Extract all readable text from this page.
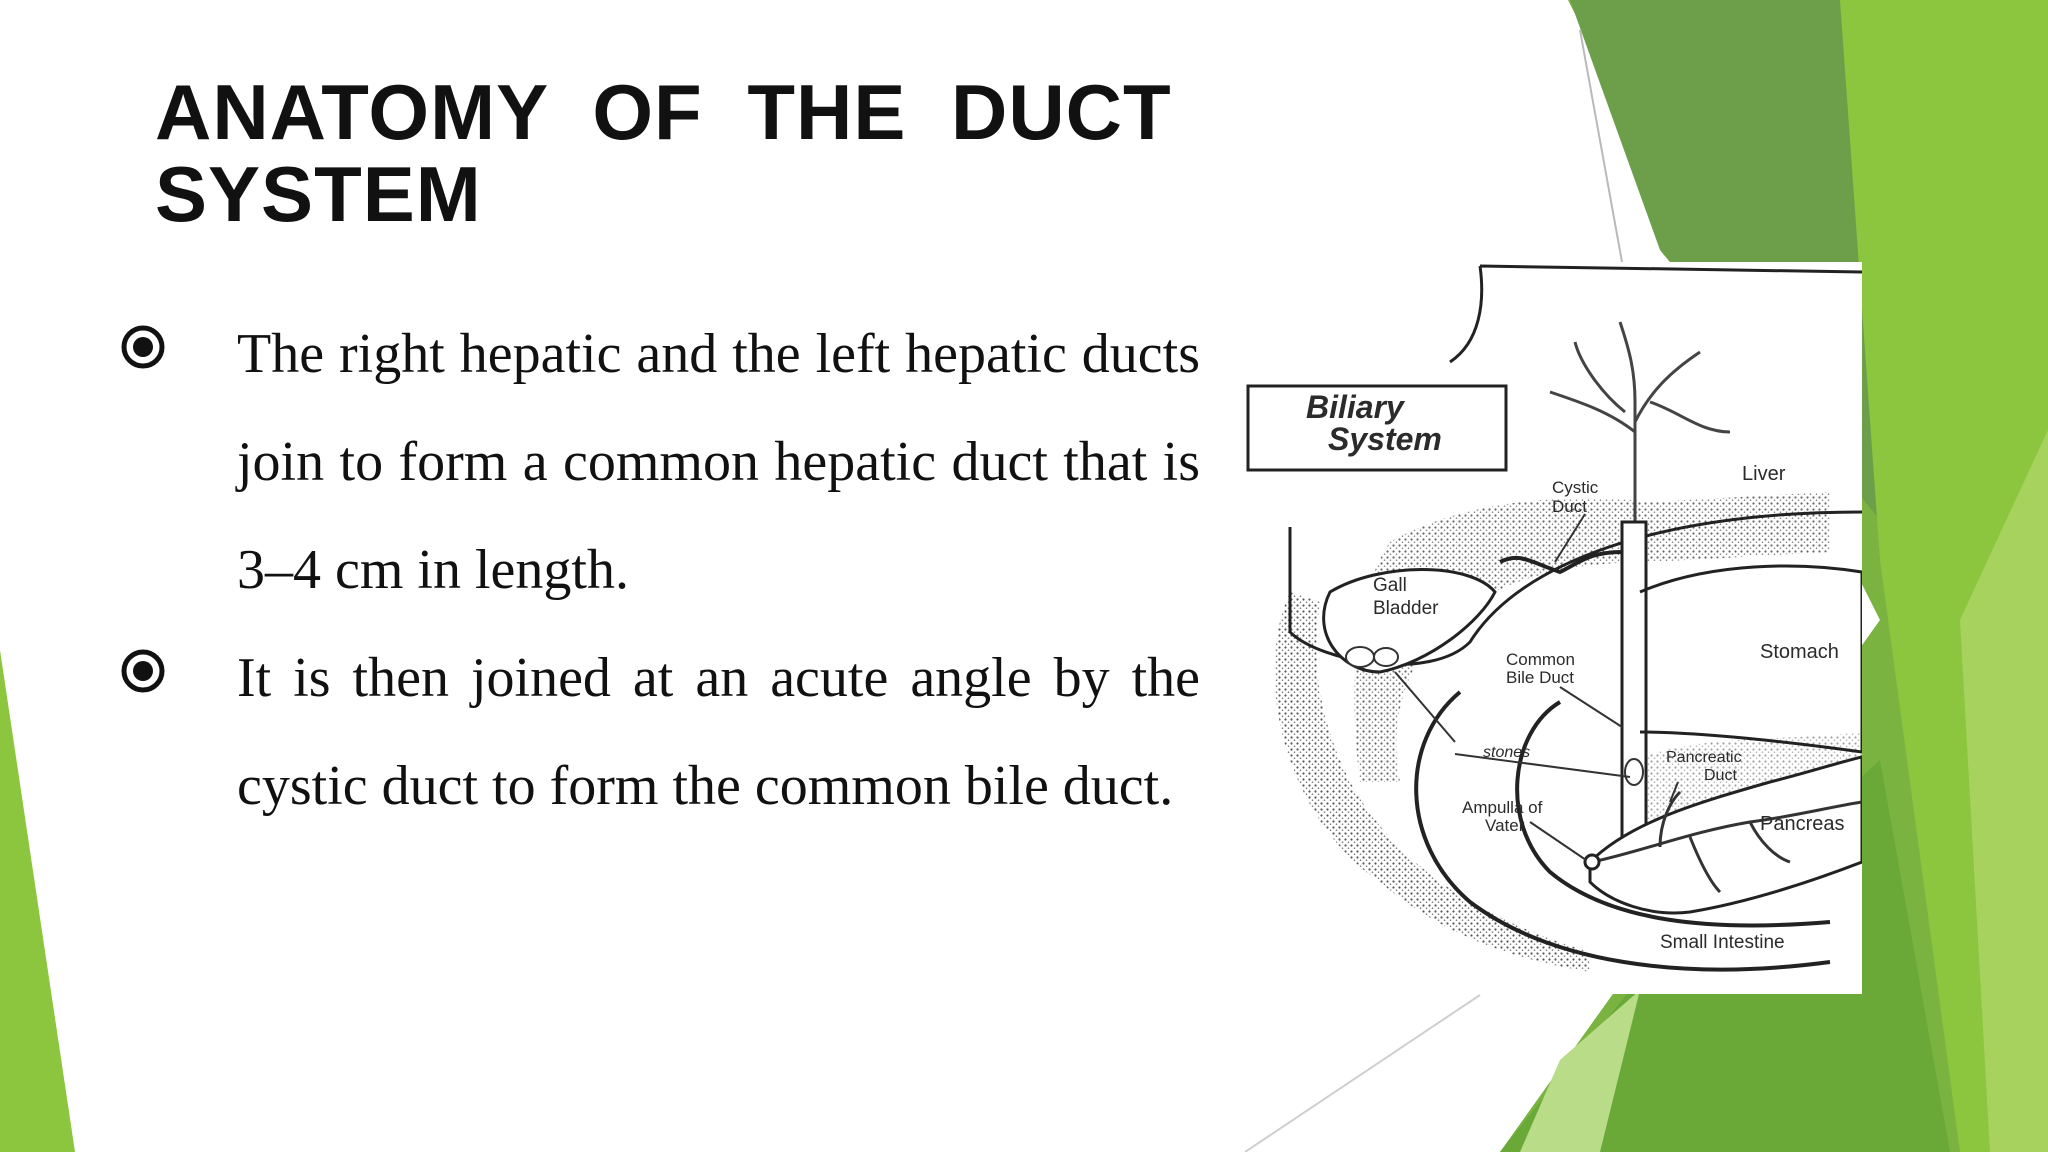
ANATOMY OF THE DUCT SYSTEM
The right hepatic and the left hepatic ducts join to form a common hepatic duct that is 3–4 cm in length.
It is then joined at an acute angle by the cystic duct to form the common bile duct.
Biliary
System
Cystic
Duct
Liver
Gall
Bladder
Common
Bile Duct
Stomach
stones	Pancreatic
Duct
Ampulla of
Vater	Pancreas
Small Intestine
